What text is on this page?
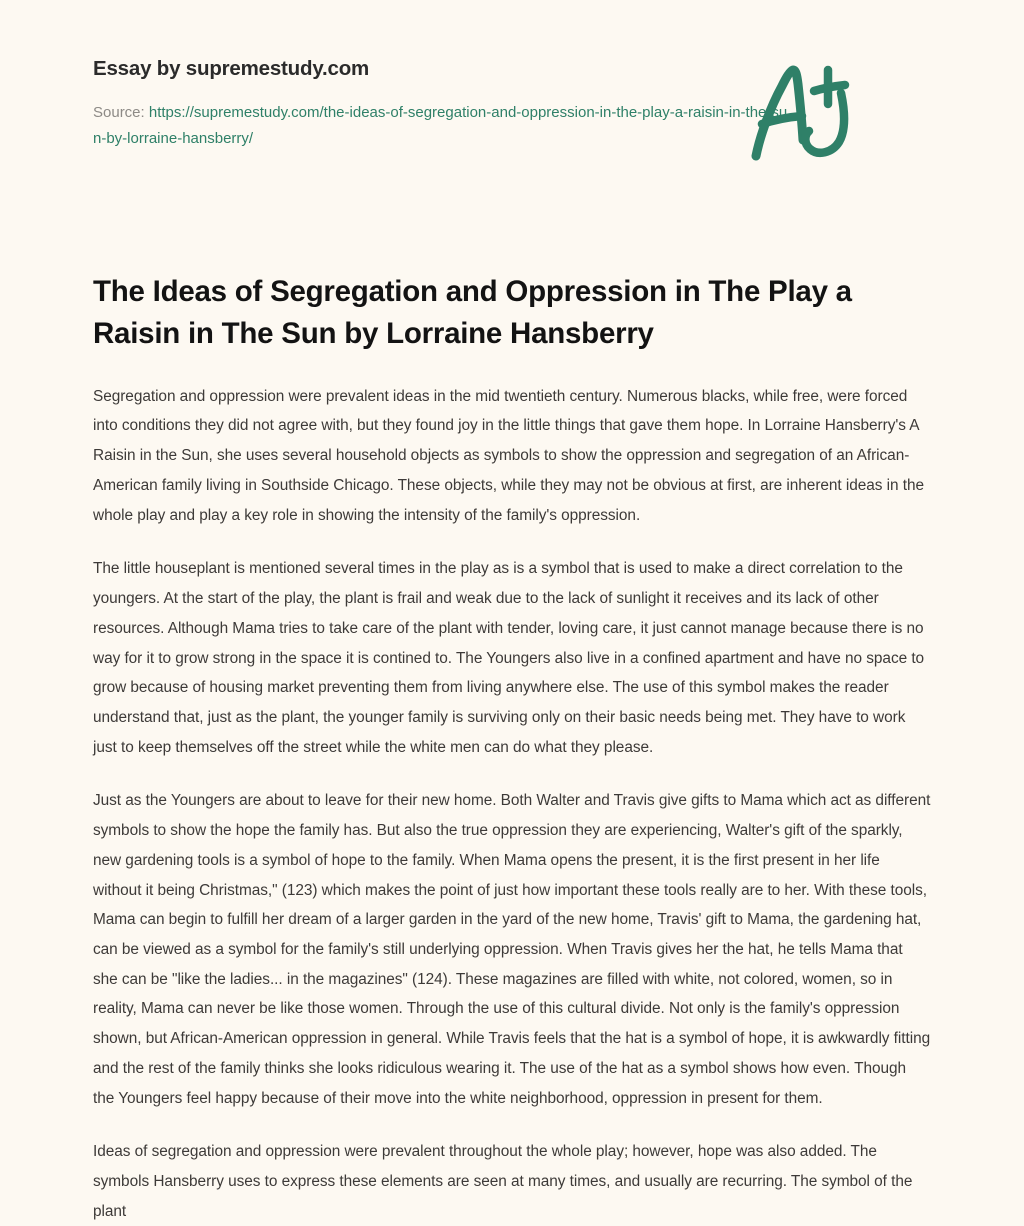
Essay by supremestudy.com
Source: https://supremestudy.com/the-ideas-of-segregation-and-oppression-in-the-play-a-raisin-in-the-sun-by-lorraine-hansberry/
The Ideas of Segregation and Oppression in The Play a Raisin in The Sun by Lorraine Hansberry

Segregation and oppression were prevalent ideas in the mid twentieth century. Numerous blacks, while free, were forced into conditions they did not agree with, but they found joy in the little things that gave them hope. In Lorraine Hansberry's A Raisin in the Sun, she uses several household objects as symbols to show the oppression and segregation of an African-American family living in Southside Chicago. These objects, while they may not be obvious at first, are inherent ideas in the whole play and play a key role in showing the intensity of the family's oppression.

The little houseplant is mentioned several times in the play as is a symbol that is used to make a direct correlation to the youngers. At the start of the play, the plant is frail and weak due to the lack of sunlight it receives and its lack of other resources. Although Mama tries to take care of the plant with tender, loving care, it just cannot manage because there is no way for it to grow strong in the space it is contined to. The Youngers also live in a confined apartment and have no space to grow because of housing market preventing them from living anywhere else. The use of this symbol makes the reader understand that, just as the plant, the younger family is surviving only on their basic needs being met. They have to work just to keep themselves off the street while the white men can do what they please.

Just as the Youngers are about to leave for their new home. Both Walter and Travis give gifts to Mama which act as different symbols to show the hope the family has. But also the true oppression they are experiencing, Walter's gift of the sparkly, new gardening tools is a symbol of hope to the family. When Mama opens the present, it is the first present in her life without it being Christmas," (123) which makes the point of just how important these tools really are to her. With these tools, Mama can begin to fulfill her dream of a larger garden in the yard of the new home, Travis' gift to Mama, the gardening hat, can be viewed as a symbol for the family's still underlying oppression. When Travis gives her the hat, he tells Mama that she can be "like the ladies... in the magazines" (124). These magazines are filled with white, not colored, women, so in reality, Mama can never be like those women. Through the use of this cultural divide. Not only is the family's oppression shown, but African-American oppression in general. While Travis feels that the hat is a symbol of hope, it is awkwardly fitting and the rest of the family thinks she looks ridiculous wearing it. The use of the hat as a symbol shows how even. Though the Youngers feel happy because of their move into the white neighborhood, oppression in present for them.

Ideas of segregation and oppression were prevalent throughout the whole play; however, hope was also added. The symbols Hansberry uses to express these elements are seen at many times, and usually are recurring. The symbol of the plant
